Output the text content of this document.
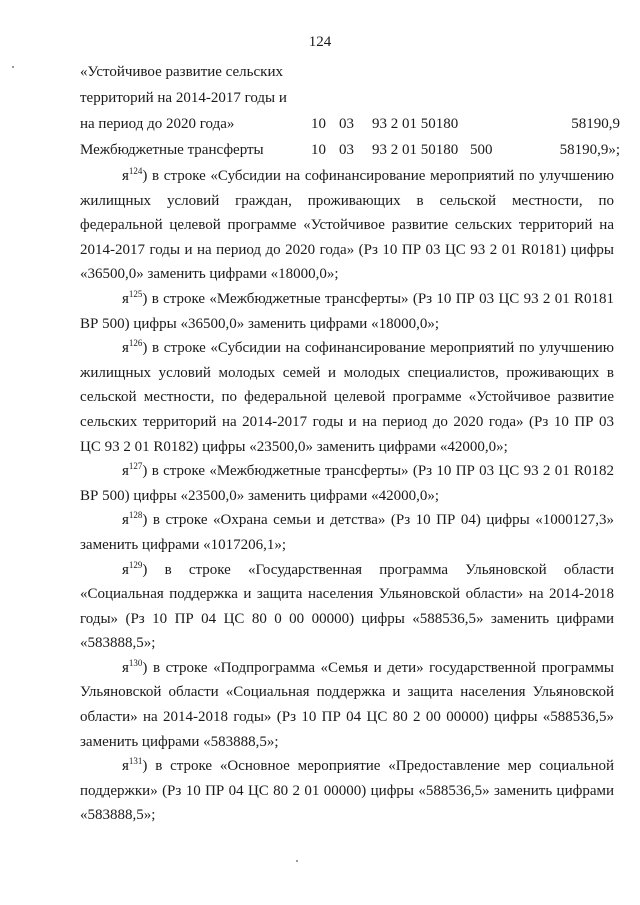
124
«Устойчивое развитие сельских
территорий на 2014-2017 годы и
на период до 2020 года»	10 03 93 2 01 50180	58190,9
Межбюджетные трансферты	10 03 93 2 01 50180 500	58190,9»;

$я^{124}$) в строке «Субсидии на софинансирование мероприятий по улучшению жилищных условий граждан, проживающих в сельской местности, по федеральной целевой программе «Устойчивое развитие сельских территорий на 2014-2017 годы и на период до 2020 года» (Рз 10 ПР 03 ЦС 93 2 01 R0181) цифры «36500,0» заменить цифрами «18000,0»;

$я^{125}$) в строке «Межбюджетные трансферты» (Рз 10 ПР 03 ЦС 93 2 01 R0181 ВР 500) цифры «36500,0» заменить цифрами «18000,0»;

$я^{126}$) в строке «Субсидии на софинансирование мероприятий по улучшению жилищных условий молодых семей и молодых специалистов, проживающих в сельской местности, по федеральной целевой программе «Устойчивое развитие сельских территорий на 2014-2017 годы и на период до 2020 года» (Рз 10 ПР 03 ЦС 93 2 01 R0182) цифры «23500,0» заменить цифрами «42000,0»;

$я^{127}$) в строке «Межбюджетные трансферты» (Рз 10 ПР 03 ЦС 93 2 01 R0182 ВР 500) цифры «23500,0» заменить цифрами «42000,0»;

$я^{128}$) в строке «Охрана семьи и детства» (Рз 10 ПР 04) цифры «1000127,3» заменить цифрами «1017206,1»;

$я^{129}$) в строке «Государственная программа Ульяновской области «Социальная поддержка и защита населения Ульяновской области» на 2014-2018 годы» (Рз 10 ПР 04 ЦС 80 0 00 00000) цифры «588536,5» заменить цифрами «583888,5»;

$я^{130}$) в строке «Подпрограмма «Семья и дети» государственной программы Ульяновской области «Социальная поддержка и защита населения Ульяновской области» на 2014-2018 годы» (Рз 10 ПР 04 ЦС 80 2 00 00000) цифры «588536,5» заменить цифрами «583888,5»;

$я^{131}$) в строке «Основное мероприятие «Предоставление мер социальной поддержки» (Рз 10 ПР 04 ЦС 80 2 01 00000) цифры «588536,5» заменить цифрами «583888,5»;
